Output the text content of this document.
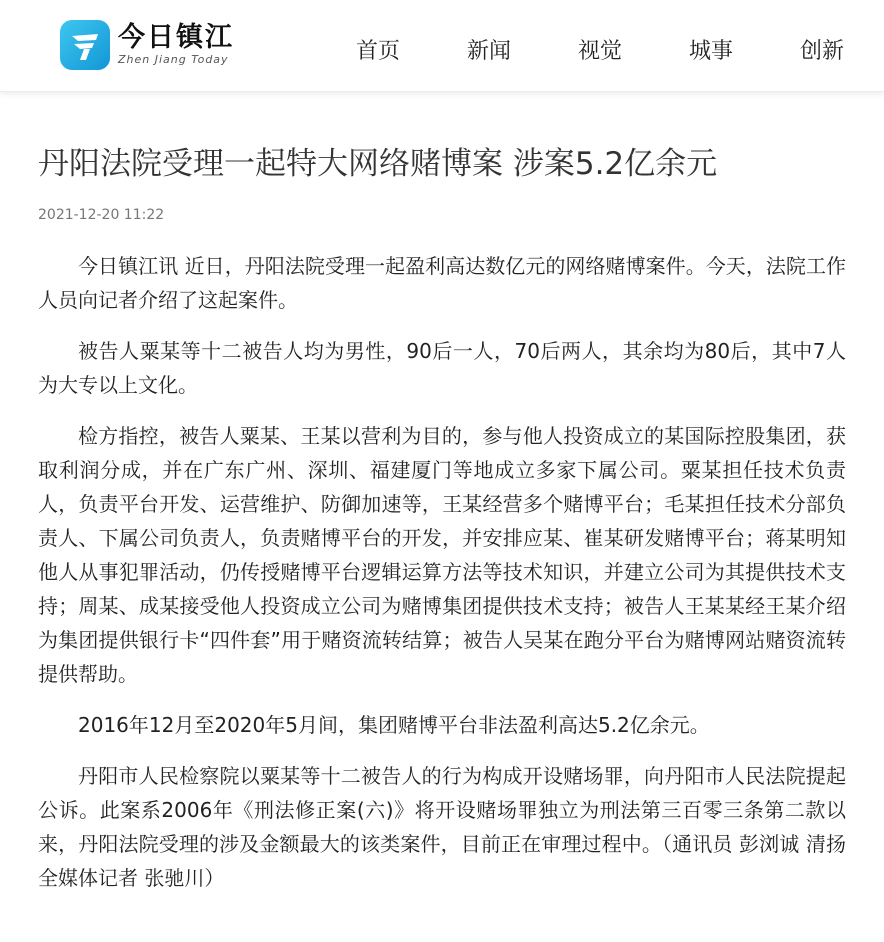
今日镇江
Zhen Jiang Today	首页	新闻	视觉	城事	创新
丹阳法院受理一起特大网络赌博案 涉案5.2亿余元
2021-12-20 11:22

今日镇江讯 近日，丹阳法院受理一起盈利高达数亿元的网络赌博案件。今天，法院工作人员向记者介绍了这起案件。

被告人粟某等十二被告人均为男性，90后一人，70后两人，其余均为80后，其中7人为大专以上文化。

检方指控，被告人粟某、王某以营利为目的，参与他人投资成立的某国际控股集团，获取利润分成，并在广东广州、深圳、福建厦门等地成立多家下属公司。粟某担任技术负责人，负责平台开发、运营维护、防御加速等，王某经营多个赌博平台；毛某担任技术分部负责人、下属公司负责人，负责赌博平台的开发，并安排应某、崔某研发赌博平台；蒋某明知他人从事犯罪活动，仍传授赌博平台逻辑运算方法等技术知识，并建立公司为其提供技术支持；周某、成某接受他人投资成立公司为赌博集团提供技术支持；被告人王某某经王某介绍为集团提供银行卡“四件套”用于赌资流转结算；被告人吴某在跑分平台为赌博网站赌资流转提供帮助。

2016年12月至2020年5月间，集团赌博平台非法盈利高达5.2亿余元。

丹阳市人民检察院以粟某等十二被告人的行为构成开设赌场罪，向丹阳市人民法院提起公诉。此案系2006年《刑法修正案(六)》将开设赌场罪独立为刑法第三百零三条第二款以来，丹阳法院受理的涉及金额最大的该类案件，目前正在审理过程中。（通讯员 彭浏诚 清扬 全媒体记者 张驰川）
